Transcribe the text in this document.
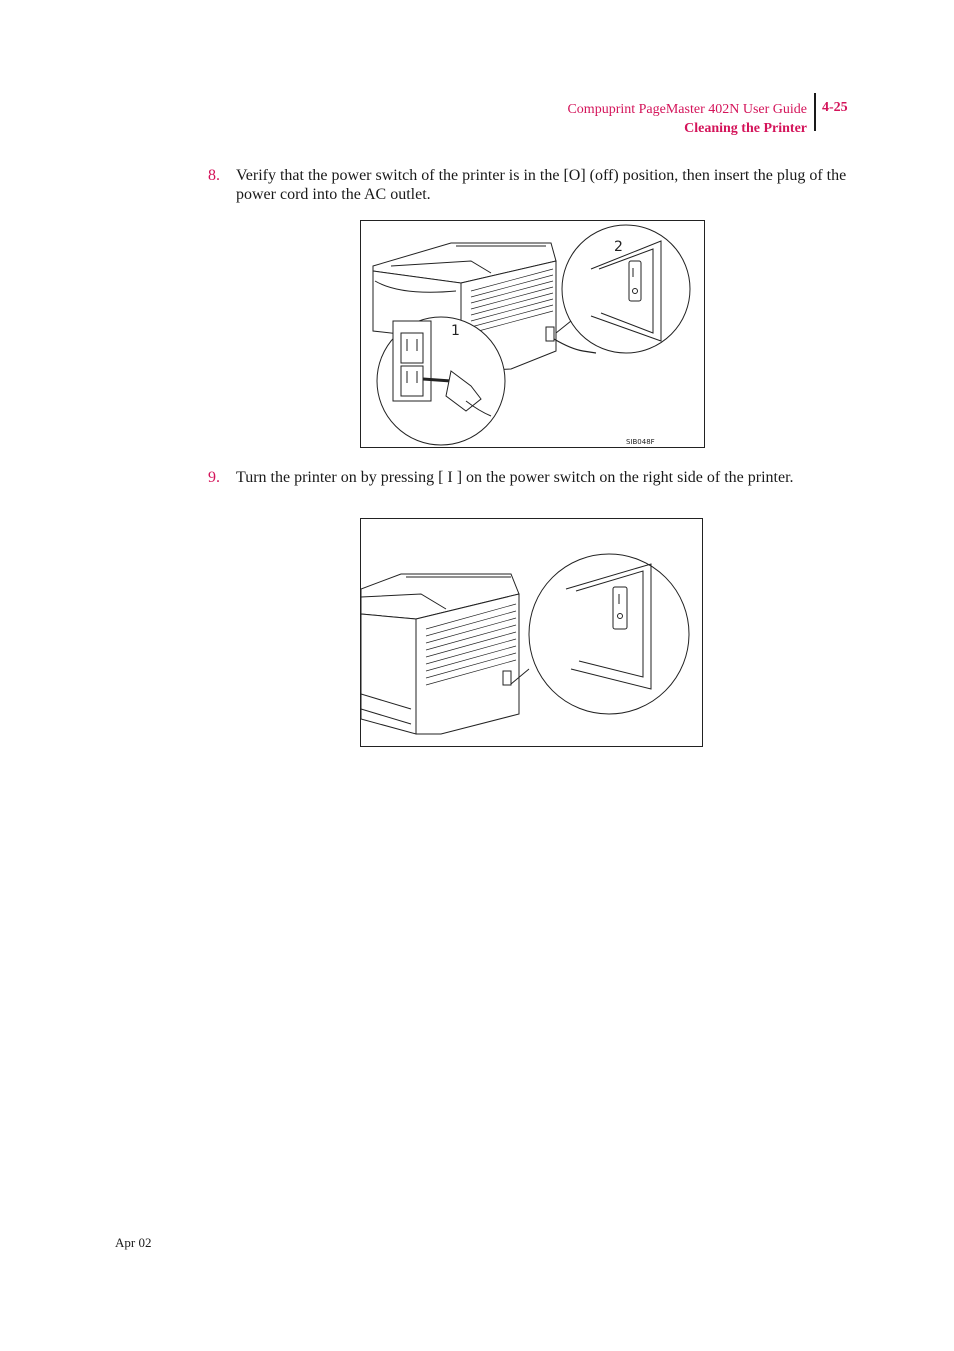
Compuprint PageMaster 402N User Guide
Cleaning the Printer
4-25
8. Verify that the power switch of the printer is in the [O] (off) position, then insert the plug of the power cord into the AC outlet.
1
2
SIB048F
9. Turn the printer on by pressing [ I ] on the power switch on the right side of the printer.
Apr 02
